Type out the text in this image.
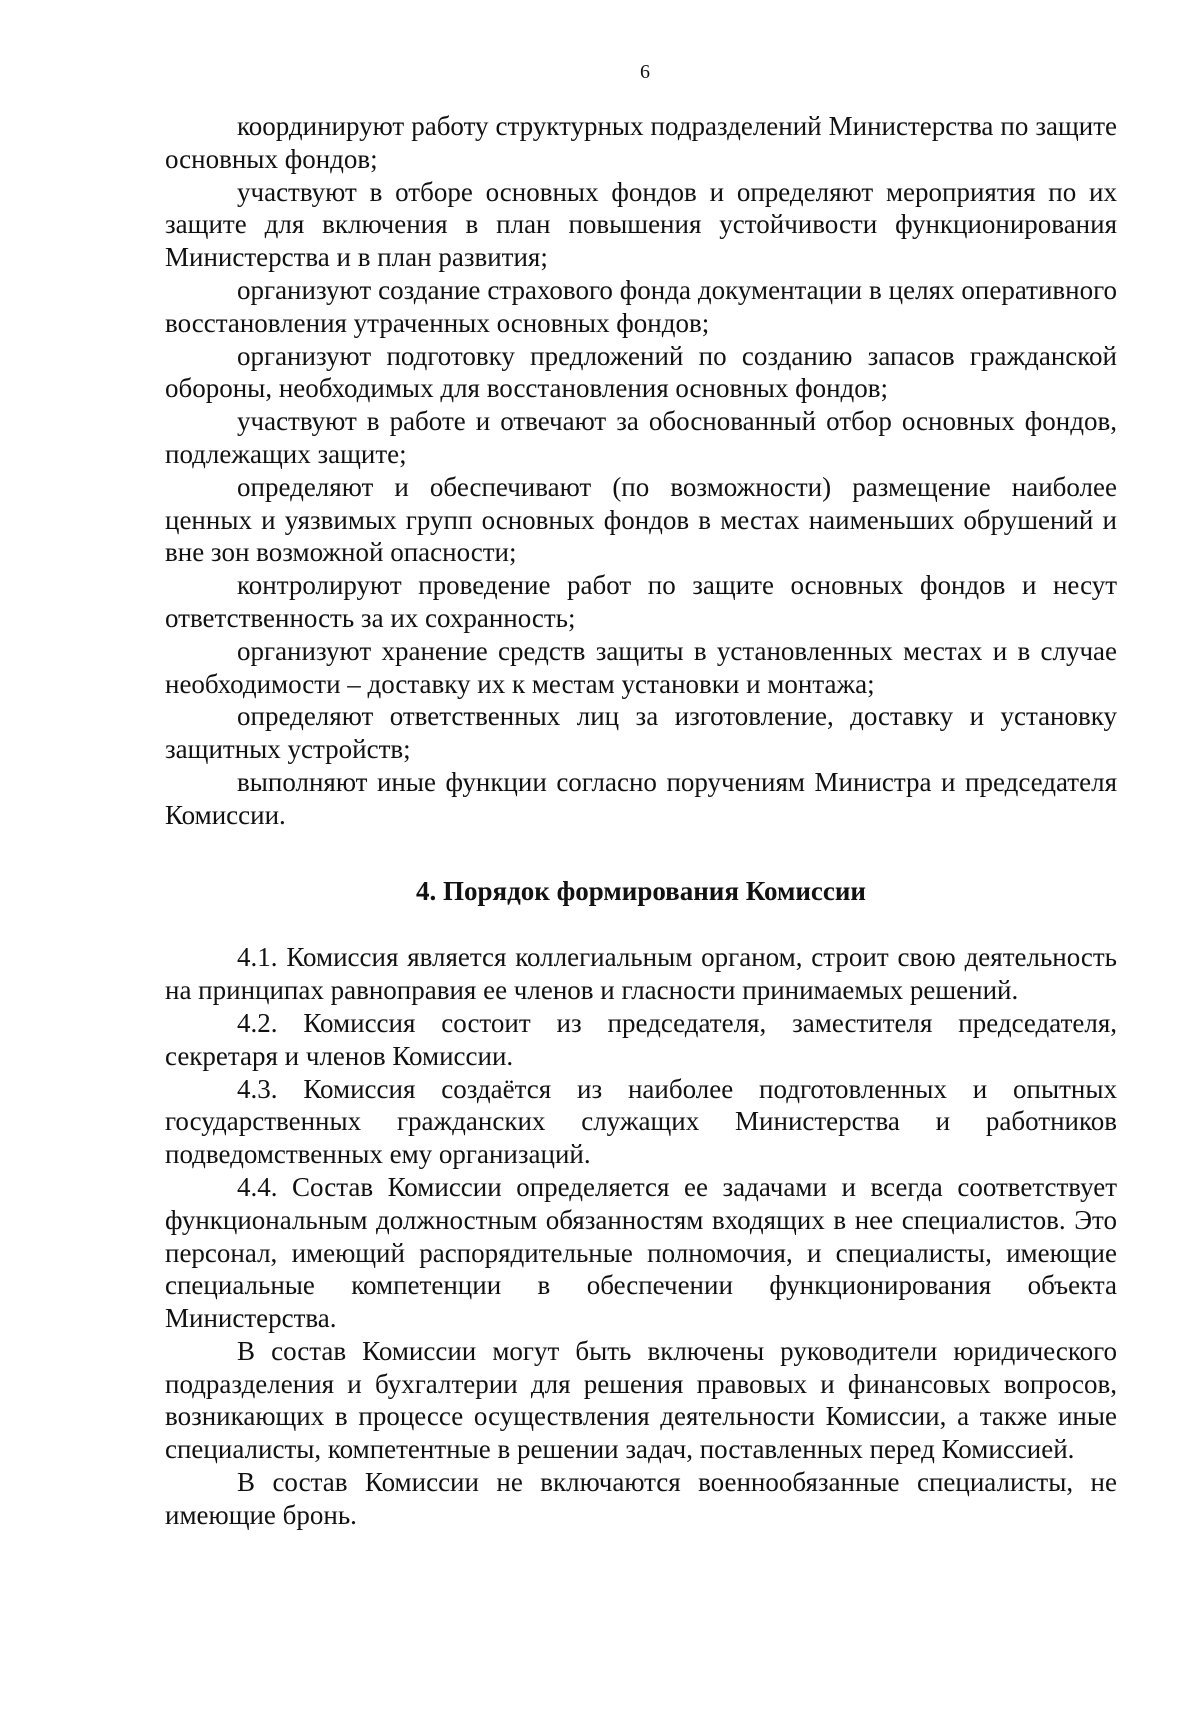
6

координируют работу структурных подразделений Министерства по защите основных фондов;

участвуют в отборе основных фондов и определяют мероприятия по их защите для включения в план повышения устойчивости функционирования Министерства и в план развития;

организуют создание страхового фонда документации в целях оперативного восстановления утраченных основных фондов;

организуют подготовку предложений по созданию запасов гражданской обороны, необходимых для восстановления основных фондов;

участвуют в работе и отвечают за обоснованный отбор основных фондов, подлежащих защите;

определяют и обеспечивают (по возможности) размещение наиболее ценных и уязвимых групп основных фондов в местах наименьших обрушений и вне зон возможной опасности;

контролируют проведение работ по защите основных фондов и несут ответственность за их сохранность;

организуют хранение средств защиты в установленных местах и в случае необходимости – доставку их к местам установки и монтажа;

определяют ответственных лиц за изготовление, доставку и установку защитных устройств;

выполняют иные функции согласно поручениям Министра и председателя Комиссии.

4. Порядок формирования Комиссии

4.1. Комиссия является коллегиальным органом, строит свою деятельность на принципах равноправия ее членов и гласности принимаемых решений.

4.2. Комиссия состоит из председателя, заместителя председателя, секретаря и членов Комиссии.

4.3. Комиссия создаётся из наиболее подготовленных и опытных государственных гражданских служащих Министерства и работников подведомственных ему организаций.

4.4. Состав Комиссии определяется ее задачами и всегда соответствует функциональным должностным обязанностям входящих в нее специалистов. Это персонал, имеющий распорядительные полномочия, и специалисты, имеющие специальные компетенции в обеспечении функционирования объекта Министерства.

В состав Комиссии могут быть включены руководители юридического подразделения и бухгалтерии для решения правовых и финансовых вопросов, возникающих в процессе осуществления деятельности Комиссии, а также иные специалисты, компетентные в решении задач, поставленных перед Комиссией.

В состав Комиссии не включаются военнообязанные специалисты, не имеющие бронь.
